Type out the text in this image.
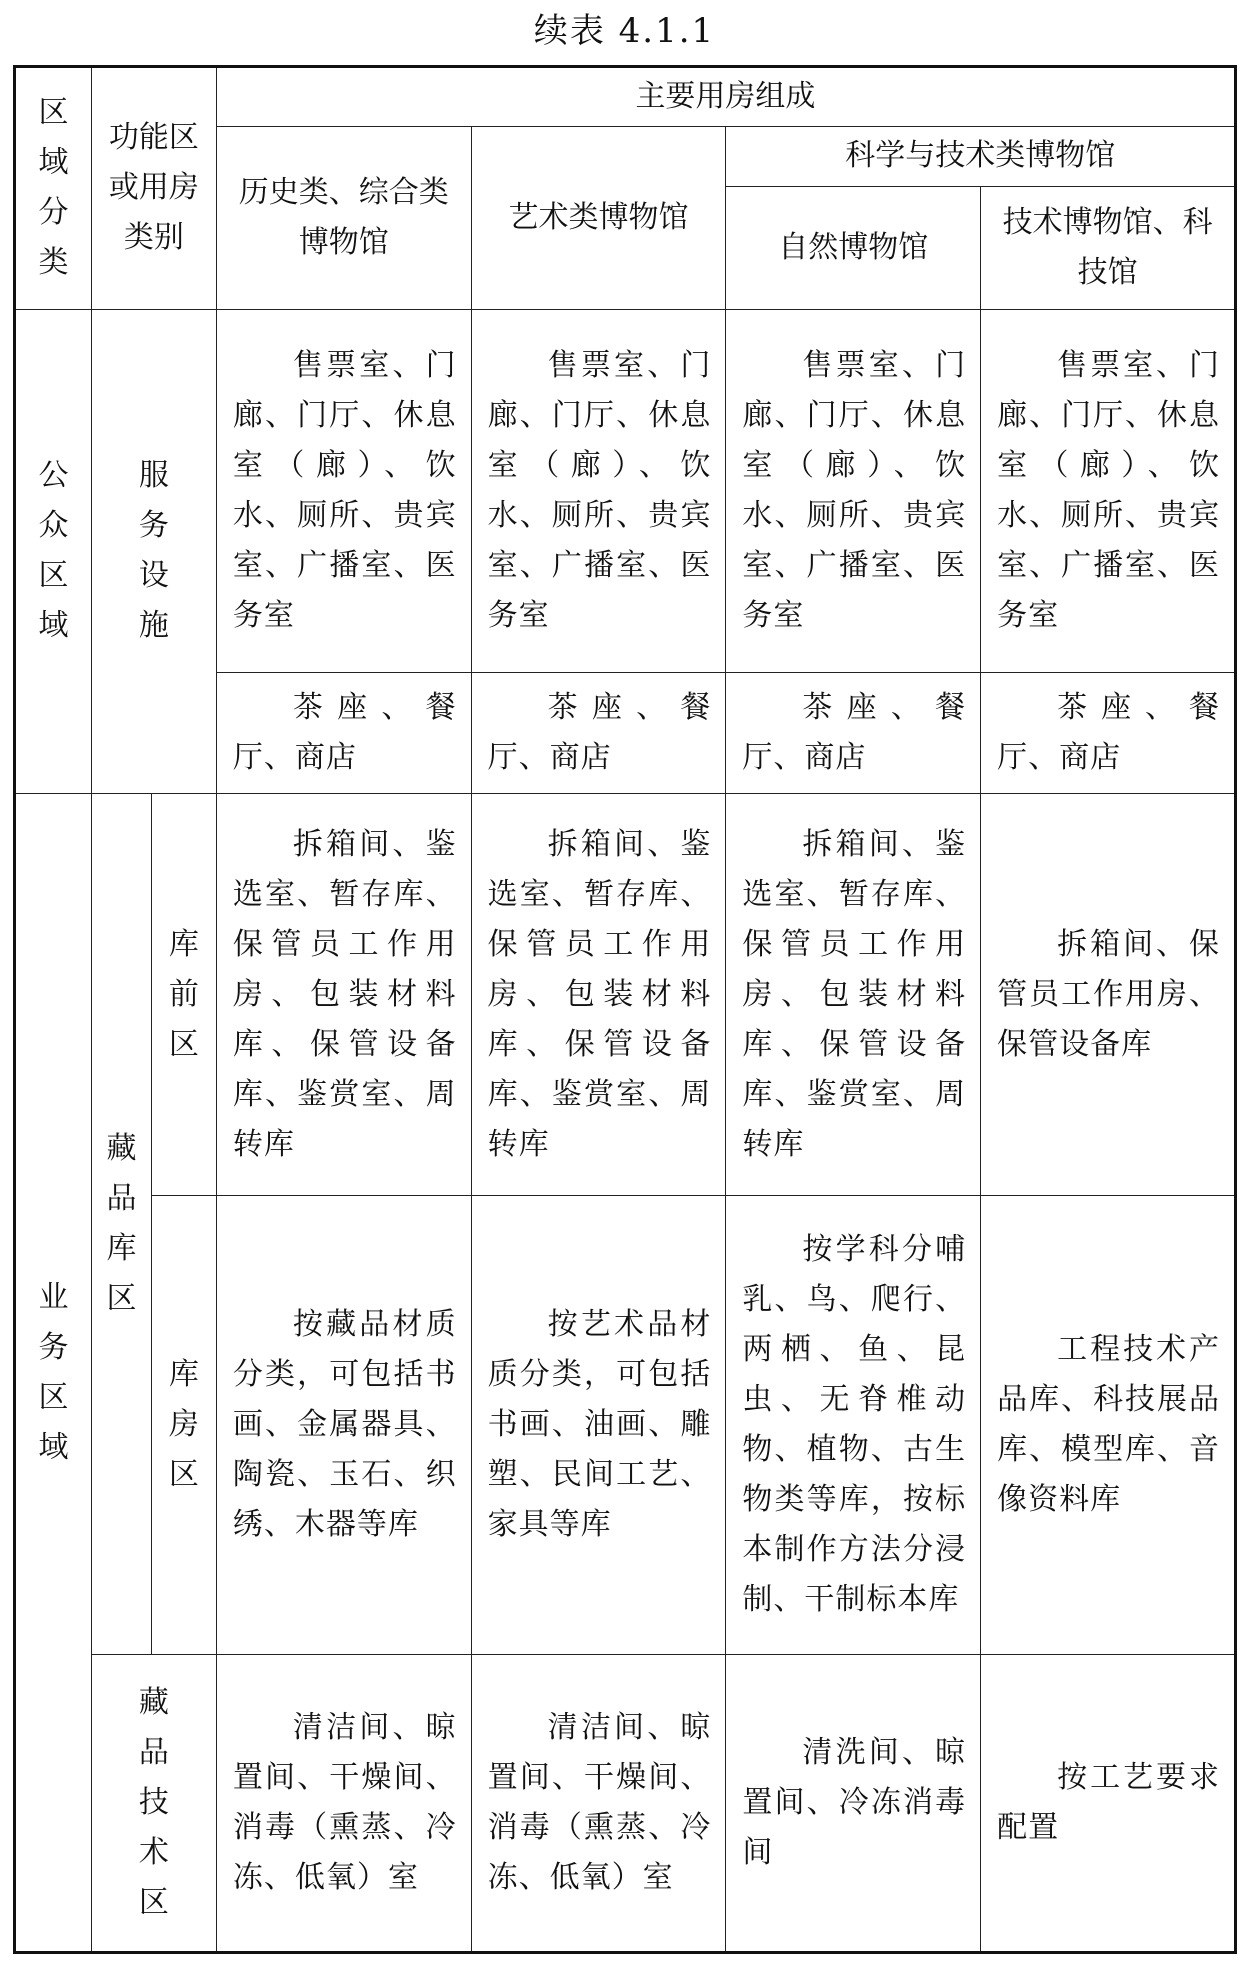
续表 4.1.1
区域分类	功能区或用房类别		主要用房组成			
			历史类、综合类博物馆	艺术类博物馆	科学与技术类博物馆	
					自然博物馆	技术博物馆、科技馆

公众区域	服务设施		售票室、门廊、门厅、休息室（廊）、饮水、厕所、贵宾室、广播室、医务室	售票室、门廊、门厅、休息室（廊）、饮水、厕所、贵宾室、广播室、医务室	售票室、门廊、门厅、休息室（廊）、饮水、厕所、贵宾室、广播室、医务室	售票室、门廊、门厅、休息室（廊）、饮水、厕所、贵宾室、广播室、医务室
			茶座、餐厅、商店	茶座、餐厅、商店	茶座、餐厅、商店	茶座、餐厅、商店

业务区域	藏品库区	库前区	拆箱间、鉴选室、暂存库、保管员工作用房、包装材料库、保管设备库、鉴赏室、周转库	拆箱间、鉴选室、暂存库、保管员工作用房、包装材料库、保管设备库、鉴赏室、周转库	拆箱间、鉴选室、暂存库、保管员工作用房、包装材料库、保管设备库、鉴赏室、周转库	拆箱间、保管员工作用房、保管设备库

		库房区	按藏品材质分类，可包括书画、金属器具、陶瓷、玉石、织绣、木器等库	按艺术品材质分类，可包括书画、油画、雕塑、民间工艺、家具等库	按学科分哺乳、鸟、爬行、两栖、鱼、昆虫、无脊椎动物、植物、古生物类等库，按标本制作方法分浸制、干制标本库	工程技术产品库、科技展品库、模型库、音像资料库

	藏品技术区		清洁间、晾置间、干燥间、消毒（熏蒸、冷冻、低氧）室	清洁间、晾置间、干燥间、消毒（熏蒸、冷冻、低氧）室	清洗间、晾置间、冷冻消毒间	按工艺要求配置
